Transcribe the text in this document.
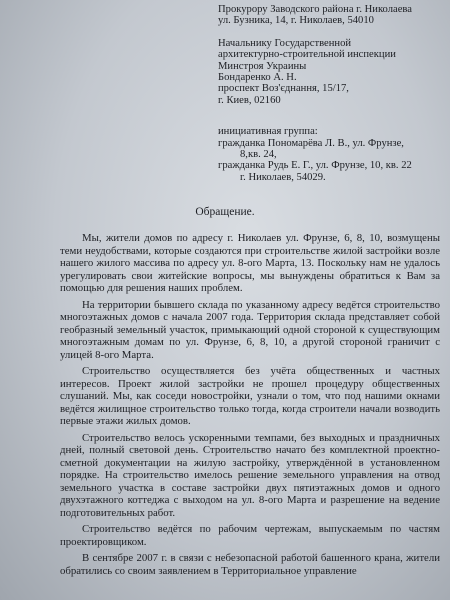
Прокурору Заводского района г. Николаева
ул. Бузника, 14, г. Николаев, 54010
Начальнику Государственной
архитектурно-строительной инспекции
Минстроя Украины
Бондаренко А. Н.
проспект Воз'єднання, 15/17,
г. Киев, 02160
инициативная группа:
гражданка Пономарёва Л. В., ул. Фрунзе,
8,кв. 24,
гражданка Рудь Е. Г., ул. Фрунзе, 10, кв. 22
г. Николаев, 54029.
Обращение.

Мы, жители домов по адресу г. Николаев ул. Фрунзе, 6, 8, 10, возмущены теми неудобствами, которые создаются при строительстве жилой застройки возле нашего жилого массива по адресу ул. 8-ого Марта, 13. Поскольку нам не удалось урегулировать свои житейские вопросы, мы вынуждены обратиться к Вам за помощью для решения наших проблем.

На территории бывшего склада по указанному адресу ведётся строительство многоэтажных домов с начала 2007 года. Территория склада представляет собой геобразный земельный участок, примыкающий одной стороной к существующим многоэтажным домам по ул. Фрунзе, 6, 8, 10, а другой стороной граничит с улицей 8-ого Марта.

Строительство осуществляется без учёта общественных и частных интересов. Проект жилой застройки не прошел процедуру общественных слушаний. Мы, как соседи новостройки, узнали о том, что под нашими окнами ведётся жилищное строительство только тогда, когда строители начали возводить первые этажи жилых домов.

Строительство велось ускоренными темпами, без выходных и праздничных дней, полный световой день. Строительство начато без комплектной проектно-сметной документации на жилую застройку, утверждённой в установленном порядке. На строительство имелось решение земельного управления на отвод земельного участка в составе застройки двух пятиэтажных домов и одного двухэтажного коттеджа с выходом на ул. 8-ого Марта и разрешение на ведение подготовительных работ.

Строительство ведётся по рабочим чертежам, выпускаемым по частям проектировщиком.

В сентябре 2007 г. в связи с небезопасной работой башенного крана, жители обратились со своим заявлением в Территориальное управление
